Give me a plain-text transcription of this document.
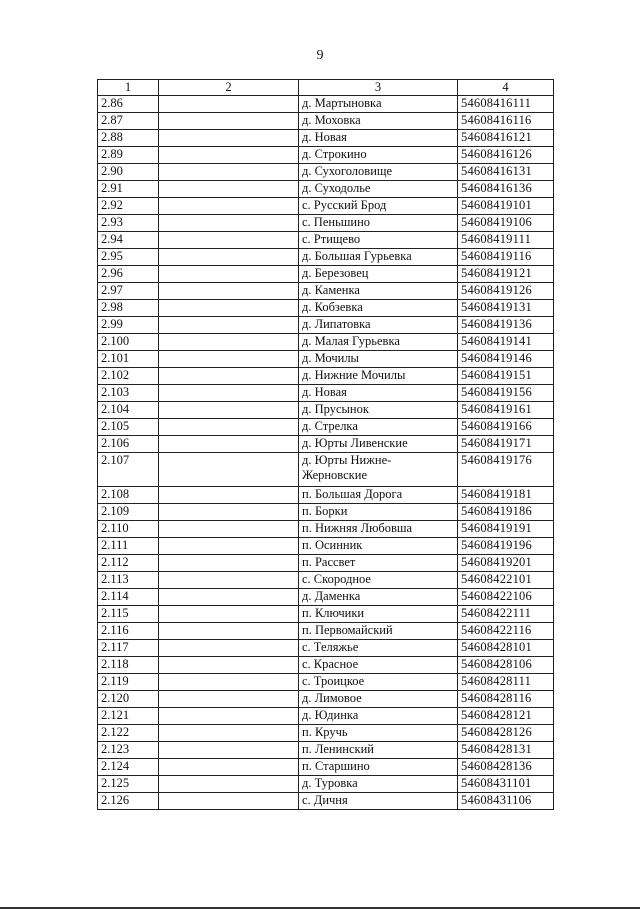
9
1	2	3	4
2.86		д. Мартыновка	54608416111
2.87		д. Моховка	54608416116
2.88		д. Новая	54608416121
2.89		д. Строкино	54608416126
2.90		д. Сухоголовище	54608416131
2.91		д. Суходолье	54608416136
2.92		с. Русский Брод	54608419101
2.93		с. Пеньшино	54608419106
2.94		с. Ртищево	54608419111
2.95		д. Большая Гурьевка	54608419116
2.96		д. Березовец	54608419121
2.97		д. Каменка	54608419126
2.98		д. Кобзевка	54608419131
2.99		д. Липатовка	54608419136
2.100		д. Малая Гурьевка	54608419141
2.101		д. Мочилы	54608419146
2.102		д. Нижние Мочилы	54608419151
2.103		д. Новая	54608419156
2.104		д. Прусынок	54608419161
2.105		д. Стрелка	54608419166
2.106		д. Юрты Ливенские	54608419171
2.107		д. Юрты Нижне-Жерновские	54608419176
2.108		п. Большая Дорога	54608419181
2.109		п. Борки	54608419186
2.110		п. Нижняя Любовша	54608419191
2.111		п. Осинник	54608419196
2.112		п. Рассвет	54608419201
2.113		с. Скородное	54608422101
2.114		д. Даменка	54608422106
2.115		п. Ключики	54608422111
2.116		п. Первомайский	54608422116
2.117		с. Теляжье	54608428101
2.118		с. Красное	54608428106
2.119		с. Троицкое	54608428111
2.120		д. Лимовое	54608428116
2.121		д. Юдинка	54608428121
2.122		п. Кручь	54608428126
2.123		п. Ленинский	54608428131
2.124		п. Старшино	54608428136
2.125		д. Туровка	54608431101
2.126		с. Дичня	54608431106
